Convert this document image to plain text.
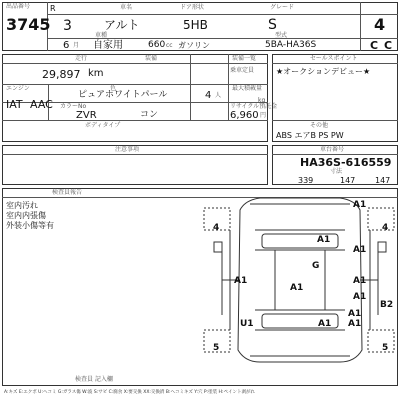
出品番号
3745
R	車名	ドア形状	グレード
3	アルト	5HB	S	4
車種	型式
6 月 自家用	660 cc ガソリン	5BA-HA36S	C C
走行	装備	装備一覧
29,897 km	乗車定員
エンジン	色	最大積載量
IAT AAC
ピュアホワイトパール	4 人
kg
カラーNo	リサイクル預託金
ZVR	コン	6,960 円
ボディタイプ
セールスポイント
★オークションデビュー★
ABS エアB PS PW
その他
注意事項	車台番号
HA36S-616559
寸法
339	147 147
検査員報告
室内汚れ
室内内張傷
外装小傷等有	4	4
5	5
A1
A1
A1
G
A1	A1
A1
A1
B2
A1
U1	A1
A1
検査員 記入欄
A:キズ E:エクボ U:ヘコミ G:ガラス傷 W:波 S:サビ C:腐食 X:要交換 XX:交換済 B:ヘコミキズ Y:穴 P:塗装 H:ペイント剥がれ
